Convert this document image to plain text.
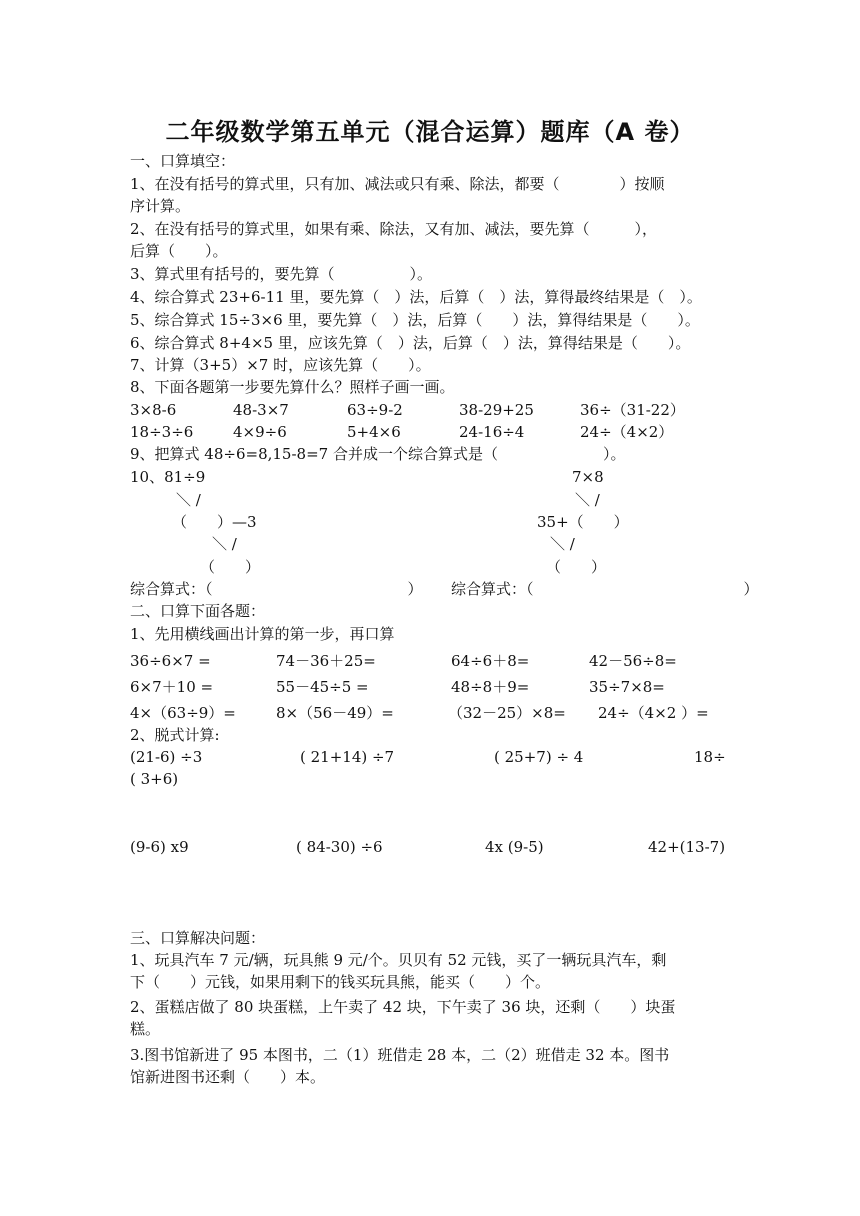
二年级数学第五单元（混合运算）题库（A 卷）
一、口算填空：
1、在没有括号的算式里，只有加、减法或只有乘、除法，都要（　　　　）按顺
序计算。
2、在没有括号的算式里，如果有乘、除法，又有加、减法，要先算（　　　），
后算（　　）。
3、算式里有括号的，要先算（　　　　　）。
4、综合算式 23+6-11 里，要先算（　）法，后算（　）法，算得最终结果是（　）。
5、综合算式 15÷3×6 里，要先算（　）法，后算（　　）法，算得结果是（　　）。
6、综合算式 8+4×5 里，应该先算（　）法，后算（　）法，算得结果是（　　）。
7、计算（3+5）×7 时，应该先算（　　）。
8、下面各题第一步要先算什么？照样子画一画。
3×8-6	48-3×7	63÷9-2	38-29+25	36÷（31-22）
18÷3÷6	4×9÷6	5+4×6	24-16÷4	24÷（4×2）
9、把算式 48÷6=8,15-8=7 合并成一个综合算式是（　　　　　　　）。
10、81÷9	7×8
＼ /	＼ /
（　　）—3	35+（　　）
＼ /	＼ /
（　　）	（　　）
综合算式：（　　　　　　　　　　　　　） 综合算式：（　　　　　　　　　　　　　　）
二、口算下面各题：
1、先用横线画出计算的第一步，再口算
36÷6×7 =	74－36＋25=	64÷6＋8=	42－56÷8=
6×7＋10 =	55－45÷5 =	48÷8＋9=	35÷7×8=
4×（63÷9）=	8×（56－49）=	（32－25）×8= 24÷（4×2 ）=
2、脱式计算:
(21-6) ÷3	( 21+14) ÷7	( 25+7) ÷ 4	18÷
( 3+6)
(9-6) x9	( 84-30) ÷6	4x (9-5)	42+(13-7)
三、口算解决问题：
1、玩具汽车 7 元/辆，玩具熊 9 元/个。贝贝有 52 元钱，买了一辆玩具汽车，剩
下（　　）元钱，如果用剩下的钱买玩具熊，能买（　　）个。
2、蛋糕店做了 80 块蛋糕，上午卖了 42 块，下午卖了 36 块，还剩（　　）块蛋
糕。
3.图书馆新进了 95 本图书，二（1）班借走 28 本，二（2）班借走 32 本。图书
馆新进图书还剩（　　）本。
